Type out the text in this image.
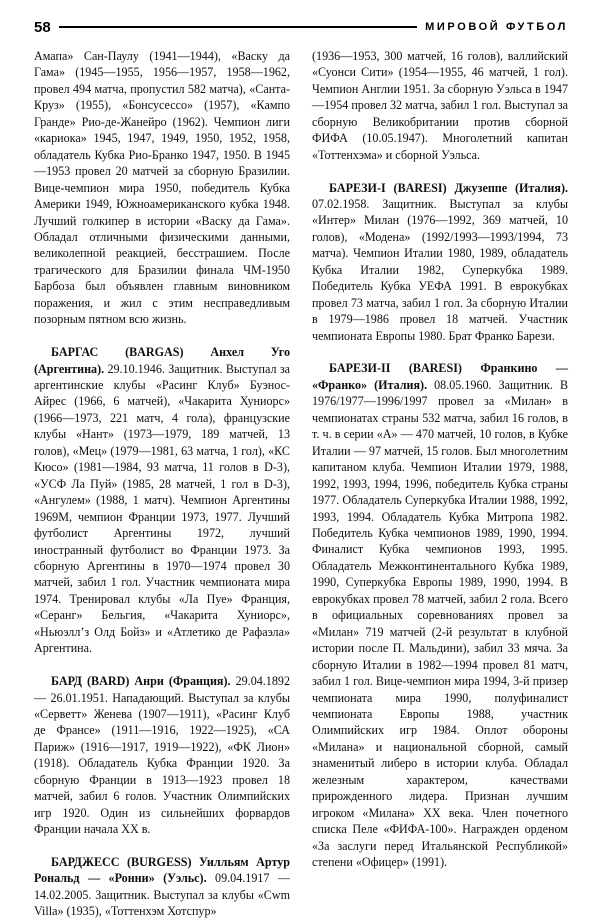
58	МИРОВОЙ ФУТБОЛ

Амапа» Сан-Паулу (1941—1944), «Васку да Гама» (1945—1955, 1956—1957, 1958—1962, провел 494 матча, пропустил 582 матча), «Санта-Круз» (1955), «Бонсусессо» (1957), «Кампо Гранде» Рио-де-Жанейро (1962). Чемпион лиги «кариока» 1945, 1947, 1949, 1950, 1952, 1958, обладатель Кубка Рио-Бранко 1947, 1950. В 1945—1953 провел 20 матчей за сборную Бразилии. Вице-чемпион мира 1950, победитель Кубка Америки 1949, Южноамериканского кубка 1948. Лучший голкипер в истории «Васку да Гама». Обладал отличными физическими данными, великолепной реакцией, бесстрашием. После трагического для Бразилии финала ЧМ-1950 Барбоза был объявлен главным виновником поражения, и жил с этим несправедливым позорным пятном всю жизнь.

БАРГАС (BARGAS) Анхел Уго (Аргентина). 29.10.1946. Защитник. Выступал за аргентинские клубы «Расинг Клуб» Буэнос-Айрес (1966, 6 матчей), «Чакарита Хуниорс» (1966—1973, 221 матч, 4 гола), французские клубы «Нант» (1973—1979, 189 матчей, 13 голов), «Мец» (1979—1981, 63 матча, 1 гол), «КС Кюсо» (1981—1984, 93 матча, 11 голов в D-3), «УСФ Ла Пуй» (1985, 28 матчей, 1 гол в D-3), «Ангулем» (1988, 1 матч). Чемпион Аргентины 1969М, чемпион Франции 1973, 1977. Лучший футболист Аргентины 1972, лучший иностранный футболист во Франции 1973. За сборную Аргентины в 1970—1974 провел 30 матчей, забил 1 гол. Участник чемпионата мира 1974. Тренировал клубы «Ла Пуе» Франция, «Серанг» Бельгия, «Чакарита Хуниорс», «Ньюэлл’з Олд Бойз» и «Атлетико де Рафаэла» Аргентина.

БАРД (BARD) Анри (Франция). 29.04.1892 — 26.01.1951. Нападающий. Выступал за клубы «Серветт» Женева (1907—1911), «Расинг Клуб де Франсе» (1911—1916, 1922—1925), «СА Париж» (1916—1917, 1919—1922), «ФК Лион» (1918). Обладатель Кубка Франции 1920. За сборную Франции в 1913—1923 провел 18 матчей, забил 6 голов. Участник Олимпийских игр 1920. Один из сильнейших форвардов Франции начала XX в.

БАРДЖЕСС (BURGESS) Уилльям Артур Рональд — «Ронни» (Уэльс). 09.04.1917 — 14.02.2005. Защитник. Выступал за клубы «Cwm Villa» (1935), «Тоттенхэм Хотспур»

(1936—1953, 300 матчей, 16 голов), валлийский «Суонси Сити» (1954—1955, 46 матчей, 1 гол). Чемпион Англии 1951. За сборную Уэльса в 1947—1954 провел 32 матча, забил 1 гол. Выступал за сборную Великобритании против сборной ФИФА (10.05.1947). Многолетний капитан «Тоттенхэма» и сборной Уэльса.

БАРЕЗИ-I (BARESI) Джузеппе (Италия). 07.02.1958. Защитник. Выступал за клубы «Интер» Милан (1976—1992, 369 матчей, 10 голов), «Модена» (1992/1993—1993/1994, 73 матча). Чемпион Италии 1980, 1989, обладатель Кубка Италии 1982, Суперкубка 1989. Победитель Кубка УЕФА 1991. В еврокубках провел 73 матча, забил 1 гол. За сборную Италии в 1979—1986 провел 18 матчей. Участник чемпионата Европы 1980. Брат Франко Барези.

БАРЕЗИ-II (BARESI) Франкино — «Франко» (Италия). 08.05.1960. Защитник. В 1976/1977—1996/1997 провел за «Милан» в чемпионатах страны 532 матча, забил 16 голов, в т. ч. в серии «А» — 470 матчей, 10 голов, в Кубке Италии — 97 матчей, 15 голов. Был многолетним капитаном клуба. Чемпион Италии 1979, 1988, 1992, 1993, 1994, 1996, победитель Кубка страны 1977. Обладатель Суперкубка Италии 1988, 1992, 1993, 1994. Обладатель Кубка Митропа 1982. Победитель Кубка чемпионов 1989, 1990, 1994. Финалист Кубка чемпионов 1993, 1995. Обладатель Межконтинентального Кубка 1989, 1990, Суперкубка Европы 1989, 1990, 1994. В еврокубках провел 78 матчей, забил 2 гола. Всего в официальных соревнованиях провел за «Милан» 719 матчей (2-й результат в клубной истории после П. Мальдини), забил 33 мяча. За сборную Италии в 1982—1994 провел 81 матч, забил 1 гол. Вице-чемпион мира 1994, 3-й призер чемпионата мира 1990, полуфиналист чемпионата Европы 1988, участник Олимпийских игр 1984. Оплот обороны «Милана» и национальной сборной, самый знаменитый либеро в истории клуба. Обладал железным характером, качествами прирожденного лидера. Признан лучшим игроком «Милана» XX века. Член почетного списка Пеле «ФИФА-100». Награжден орденом «За заслуги перед Итальянской Республикой» степени «Офицер» (1991).
